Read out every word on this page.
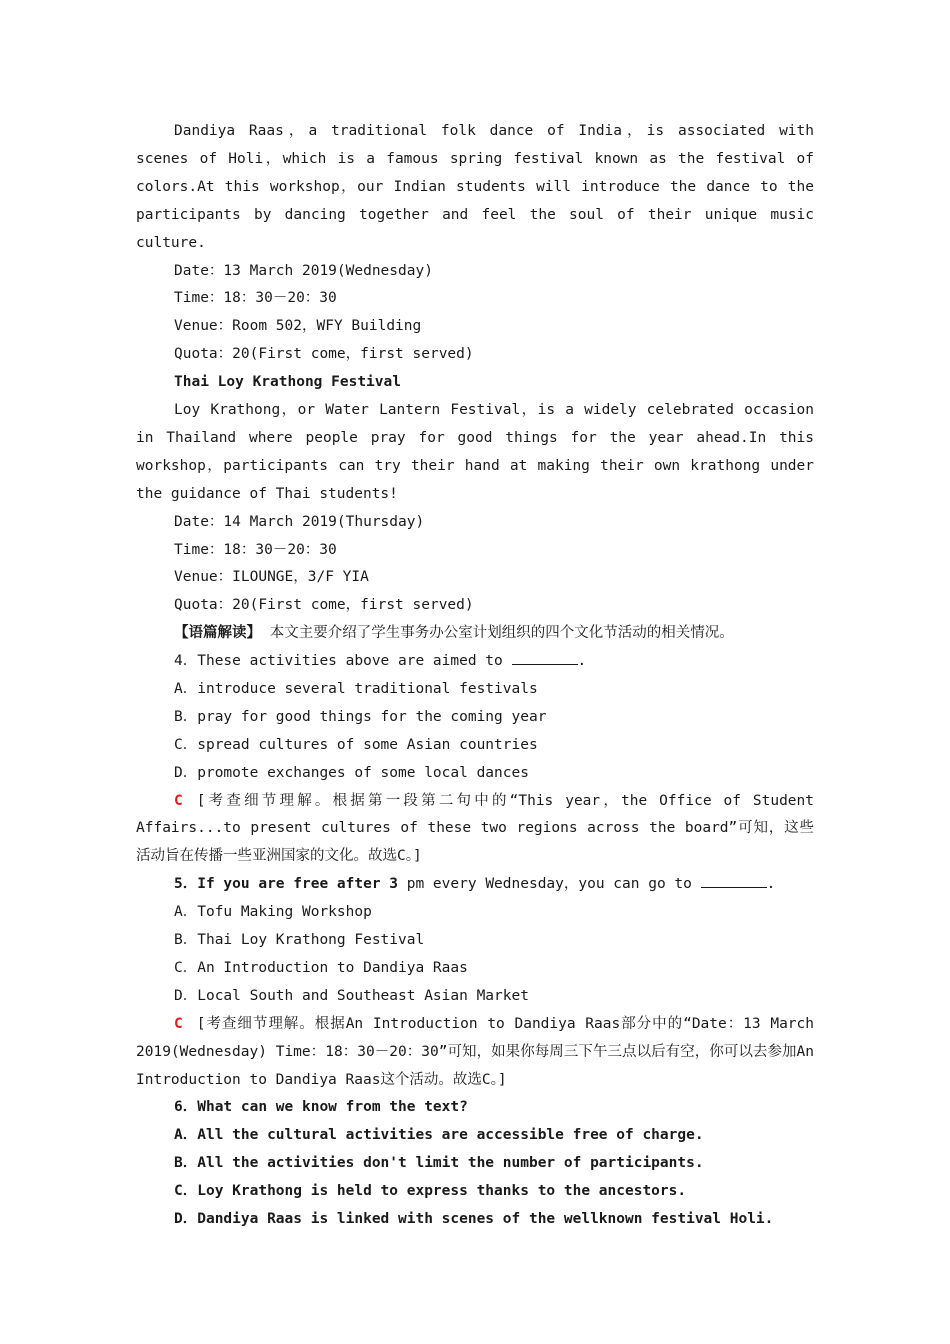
Dandiya Raas，a traditional folk dance of India，is associated with scenes of Holi，which is a famous spring festival known as the festival of colors.At this workshop，our Indian students will introduce the dance to the participants by dancing together and feel the soul of their unique music culture.
Date：13 March 2019(Wednesday)
Time：18：30－20：30
Venue：Room 502，WFY Building
Quota：20(First come，first served)
Thai Loy Krathong Festival
Loy Krathong，or Water Lantern Festival，is a widely celebrated occasion in Thailand where people pray for good things for the year ahead.In this workshop，participants can try their hand at making their own krathong under the guidance of Thai students!
Date：14 March 2019(Thursday)
Time：18：30－20：30
Venue：ILOUNGE，3/F YIA
Quota：20(First come，first served)
【语篇解读】 本文主要介绍了学生事务办公室计划组织的四个文化节活动的相关情况。
4．These activities above are aimed to	.
A．introduce several traditional festivals
B．pray for good things for the coming year
C．spread cultures of some Asian countries
D．promote exchanges of some local dances
C [考查细节理解。根据第一段第二句中的“This year，the Office of Student Affairs...to present cultures of these two regions across the board”可知，这些活动旨在传播一些亚洲国家的文化。故选C。]
5．If you are free after 3 pm every Wednesday，you can go to	.
A．Tofu Making Workshop
B．Thai Loy Krathong Festival
C．An Introduction to Dandiya Raas
D．Local South and Southeast Asian Market
C [考查细节理解。根据An Introduction to Dandiya Raas部分中的“Date：13 March 2019(Wednesday) Time：18：30－20：30”可知，如果你每周三下午三点以后有空，你可以去参加An Introduction to Dandiya Raas这个活动。故选C。]
6．What can we know from the text?
A．All the cultural activities are accessible free of charge.
B．All the activities don't limit the number of participants.
C．Loy Krathong is held to express thanks to the ancestors.
D．Dandiya Raas is linked with scenes of the wellknown festival Holi.
